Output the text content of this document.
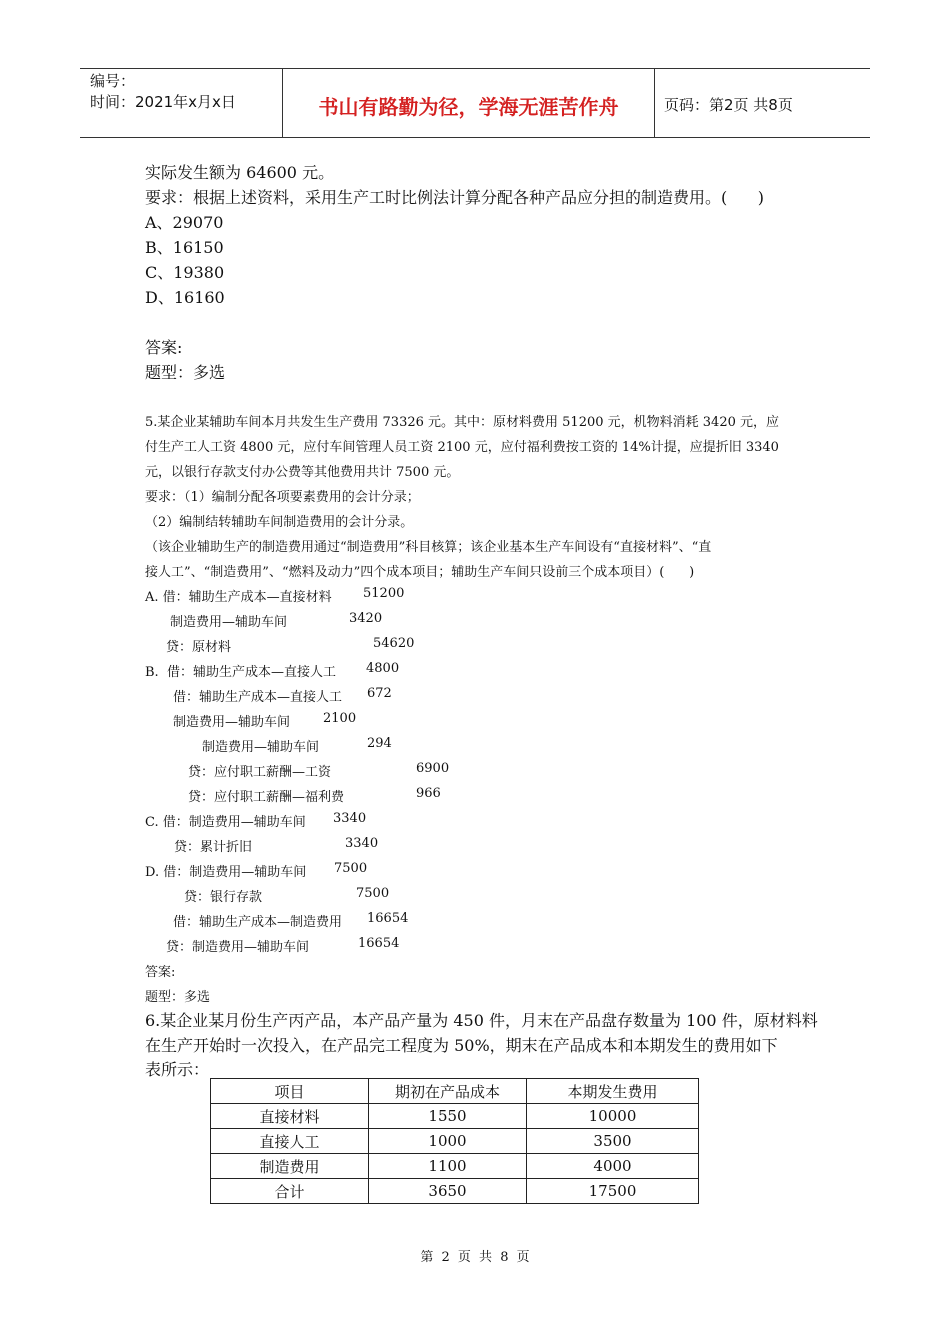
编号：
时间：2021年x月x日	书山有路勤为径，学海无涯苦作舟	页码：第2页 共8页
实际发生额为 64600 元。
要求：根据上述资料，采用生产工时比例法计算分配各种产品应分担的制造费用。(      )
A、29070
B、16150
C、19380
D、16160
答案:
题型：多选
5.某企业某辅助车间本月共发生生产费用 73326 元。其中：原材料费用 51200 元，机物料消耗 3420 元，应
付生产工人工资 4800 元，应付车间管理人员工资 2100 元，应付福利费按工资的 14%计提，应提折旧 3340
元，以银行存款支付办公费等其他费用共计 7500 元。
要求：（1）编制分配各项要素费用的会计分录；
（2）编制结转辅助车间制造费用的会计分录。
（该企业辅助生产的制造费用通过“制造费用”科目核算；该企业基本生产车间设有“直接材料”、“直
接人工”、“制造费用”、“燃料及动力”四个成本项目；辅助生产车间只设前三个成本项目）(      )
A. 借：辅助生产成本—直接材料 51200
制造费用—辅助车间	3420
贷：原材料	54620
B.  借：辅助生产成本—直接人工 4800
借：辅助生产成本—直接人工 672
制造费用—辅助车间	2100
制造费用—辅助车间	294
贷：应付职工薪酬—工资	6900
贷：应付职工薪酬—福利费	966
C. 借：制造费用—辅助车间 3340
贷：累计折旧	3340
D. 借：制造费用—辅助车间 7500
贷：银行存款	7500
借：辅助生产成本—制造费用 16654
贷：制造费用—辅助车间	16654
答案:
题型：多选
6.某企业某月份生产丙产品，本产品产量为 450 件，月末在产品盘存数量为 100 件，原材料料
在生产开始时一次投入，在产品完工程度为 50%，期末在产品成本和本期发生的费用如下
表所示：
项目	期初在产品成本	本期发生费用
直接材料	1550	10000
直接人工	1000	3500
制造费用	1100	4000
合计	3650	17500
第 2 页 共 8 页
